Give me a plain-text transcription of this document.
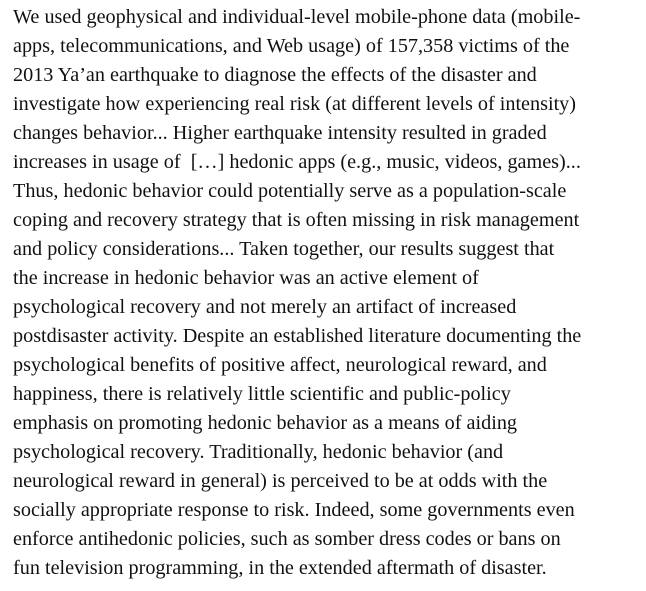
We used geophysical and individual-level mobile-phone data (mobile-
apps, telecommunications, and Web usage) of 157,358 victims of the
2013 Ya’an earthquake to diagnose the effects of the disaster and
investigate how experiencing real risk (at different levels of intensity)
changes behavior... Higher earthquake intensity resulted in graded
increases in usage of  […] hedonic apps (e.g., music, videos, games)...
Thus, hedonic behavior could potentially serve as a population-scale
coping and recovery strategy that is often missing in risk management
and policy considerations... Taken together, our results suggest that
the increase in hedonic behavior was an active element of
psychological recovery and not merely an artifact of increased
postdisaster activity. Despite an established literature documenting the
psychological benefits of positive affect, neurological reward, and
happiness, there is relatively little scientific and public-policy
emphasis on promoting hedonic behavior as a means of aiding
psychological recovery. Traditionally, hedonic behavior (and
neurological reward in general) is perceived to be at odds with the
socially appropriate response to risk. Indeed, some governments even
enforce antihedonic policies, such as somber dress codes or bans on
fun television programming, in the extended aftermath of disaster.
